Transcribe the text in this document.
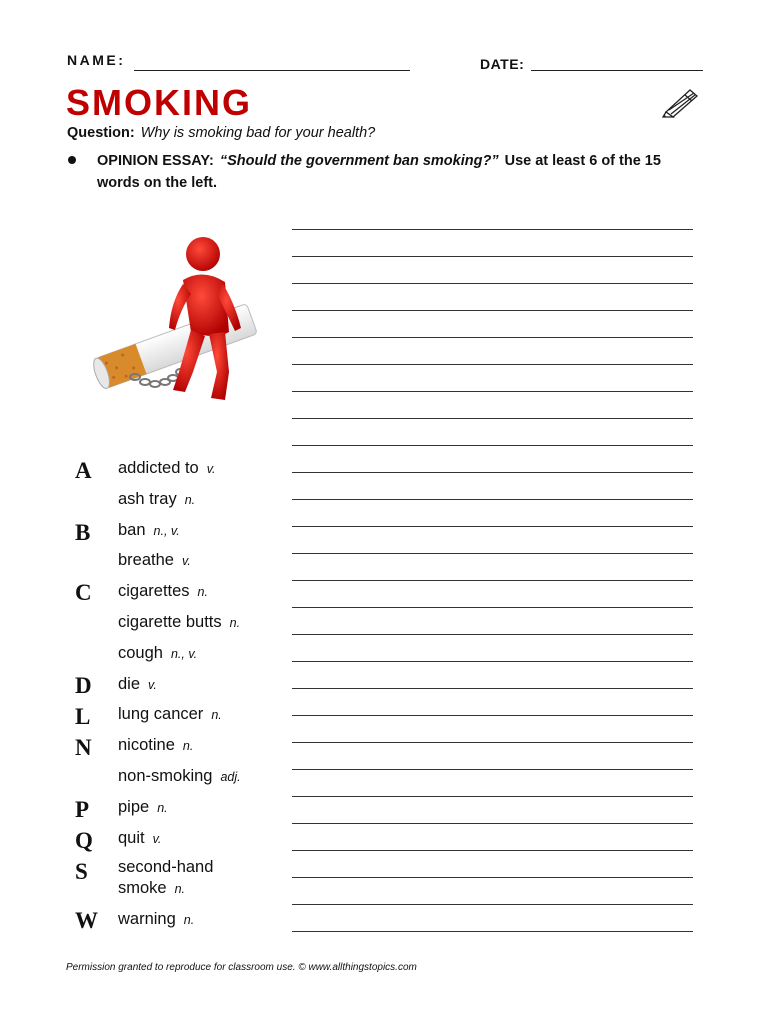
NAME:	DATE:
SMOKING
Question: Why is smoking bad for your health?
OPINION ESSAY: “Should the government ban smoking?” Use at least 6 of the 15 words on the left.
A
B
C
D
L
N
P
Q
S
W
addicted to v.
ash tray n.
ban n., v.
breathe v.
cigarettes n.
cigarette butts n.
cough n., v.
die v.
lung cancer n.
nicotine n.
non-smoking adj.
pipe n.
quit v.
second-hand smoke n.
warning n.
Permission granted to reproduce for classroom use. © www.allthingstopics.com
